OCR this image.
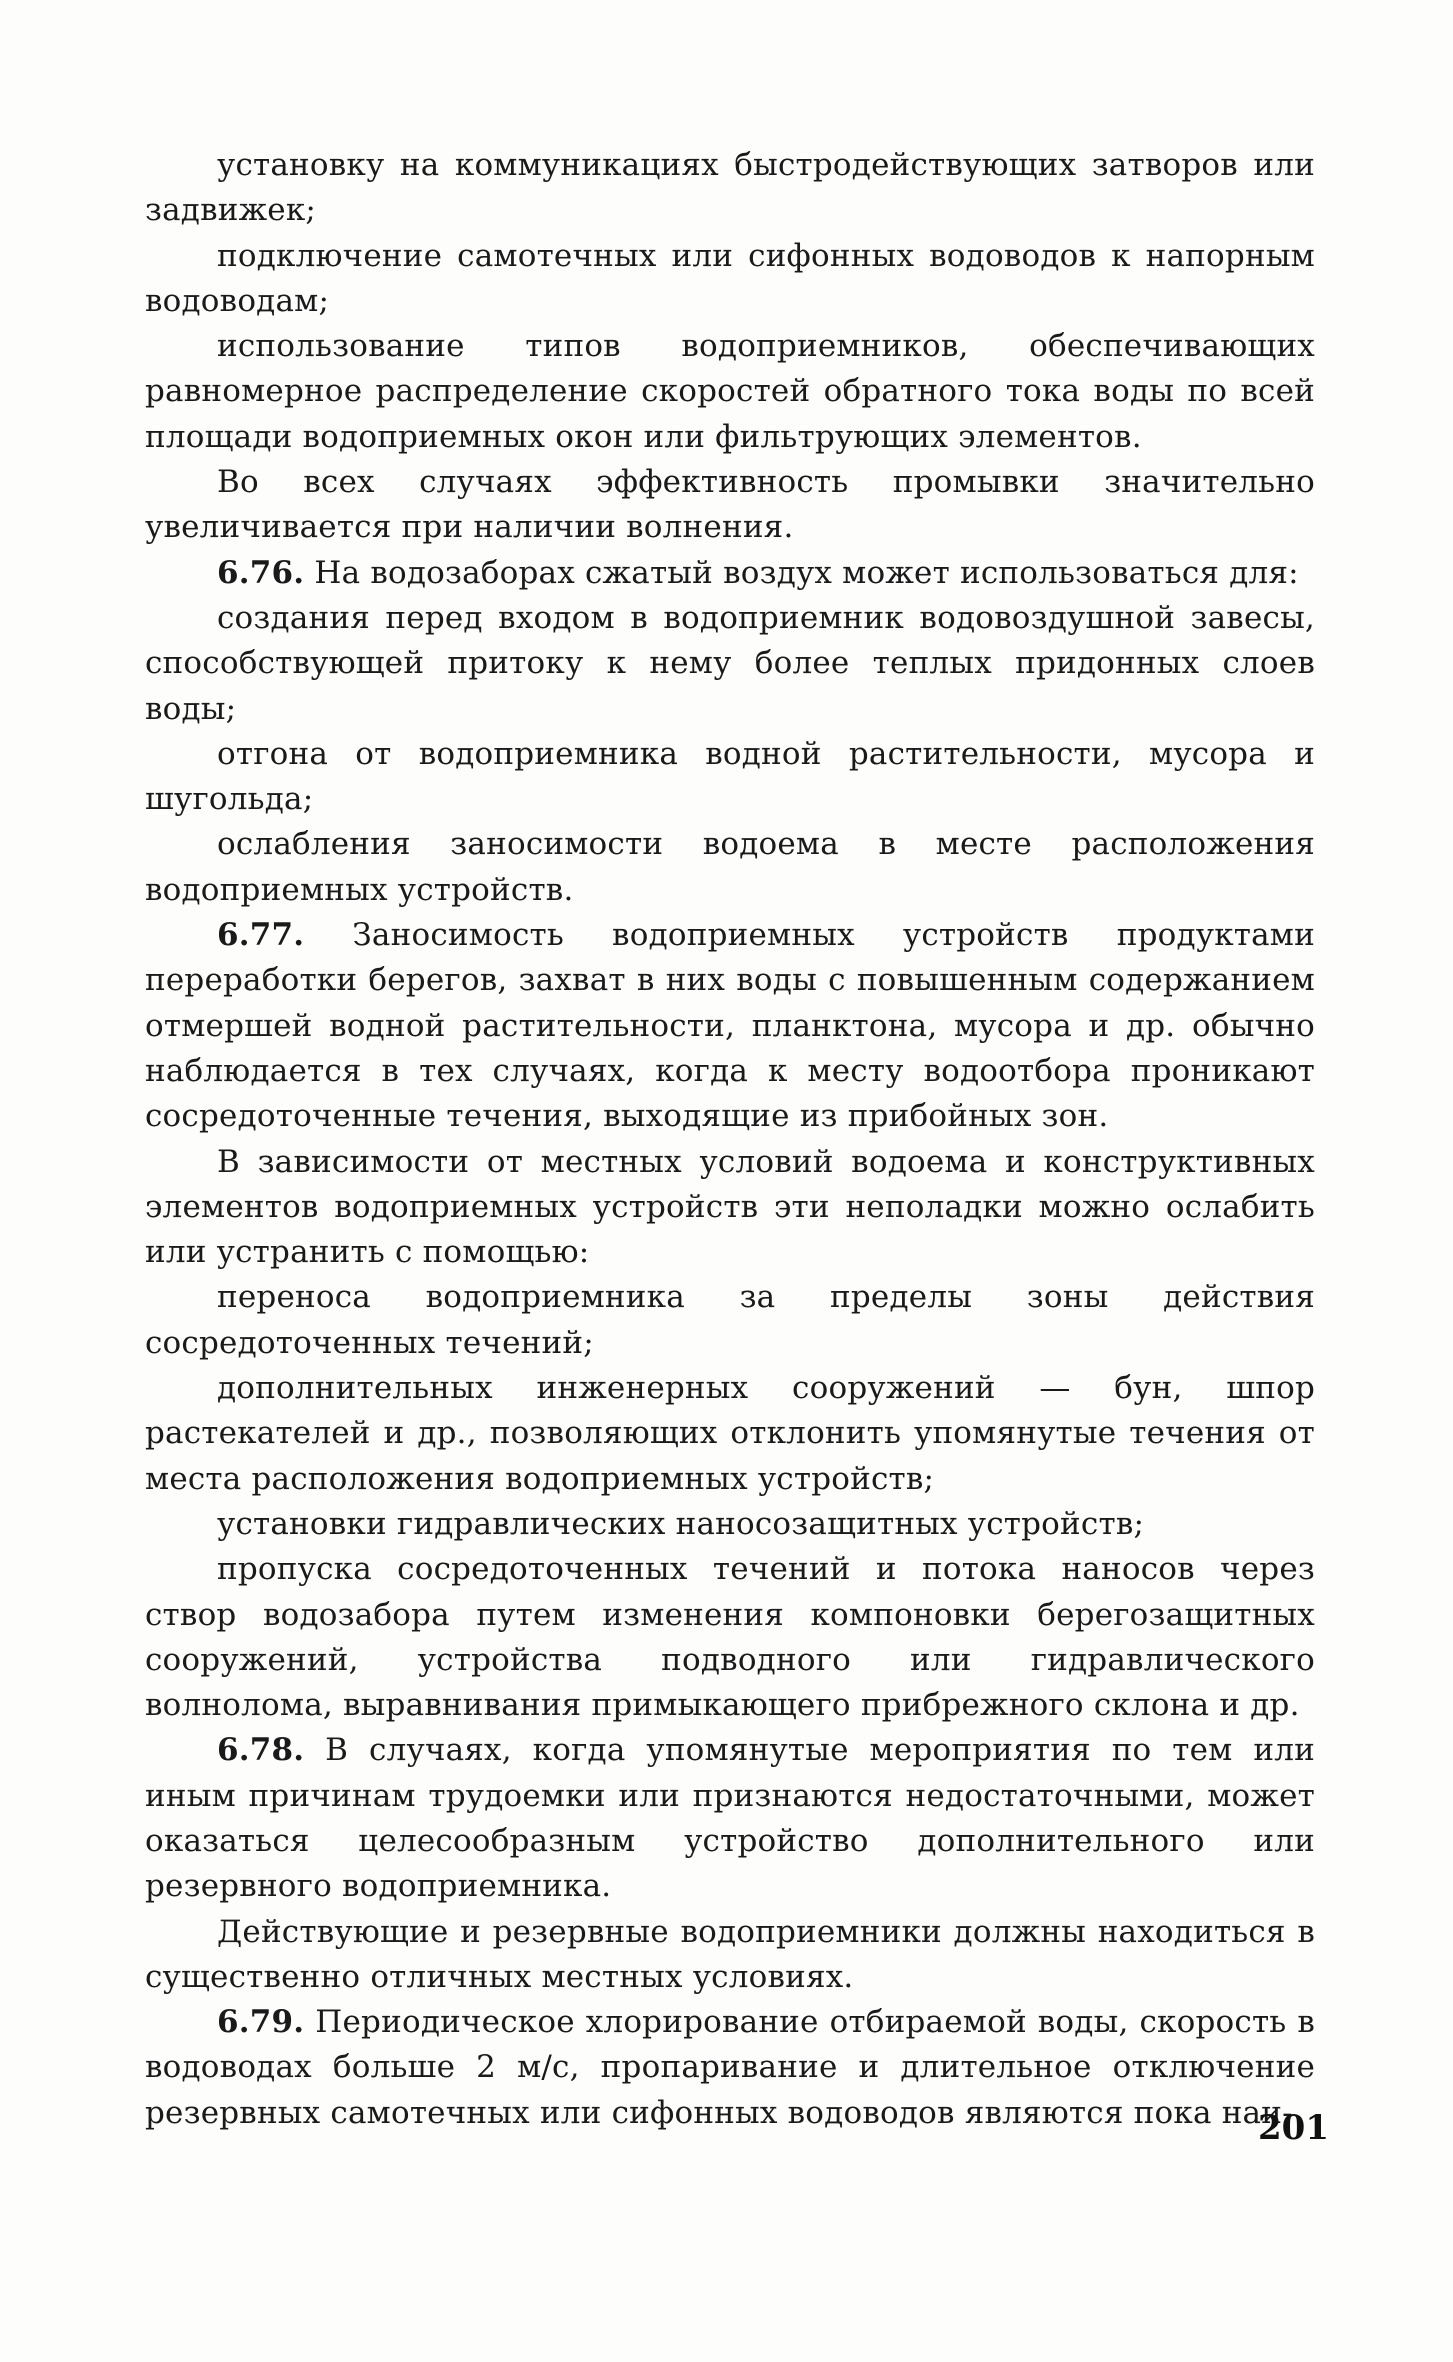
установку на коммуникациях быстродействующих затворов или задвижек;

подключение самотечных или сифонных водоводов к напорным водоводам;

использование типов водоприемников, обеспечивающих равномерное распределение скоростей обратного тока воды по всей площади водоприемных окон или фильтрующих элементов.

Во всех случаях эффективность промывки значительно увеличивается при наличии волнения.

6.76. На водозаборах сжатый воздух может использоваться для:

создания перед входом в водоприемник водовоздушной завесы, способствующей притоку к нему более теплых придонных слоев воды;

отгона от водоприемника водной растительности, мусора и шугольда;

ослабления заносимости водоема в месте расположения водоприемных устройств.

6.77. Заносимость водоприемных устройств продуктами переработки берегов, захват в них воды с повышенным содержанием отмершей водной растительности, планктона, мусора и др. обычно наблюдается в тех случаях, когда к месту водоотбора проникают сосредоточенные течения, выходящие из прибойных зон.

В зависимости от местных условий водоема и конструктивных элементов водоприемных устройств эти неполадки можно ослабить или устранить с помощью:

переноса водоприемника за пределы зоны действия сосредоточенных течений;

дополнительных инженерных сооружений — бун, шпор растекателей и др., позволяющих отклонить упомянутые течения от места расположения водоприемных устройств;

установки гидравлических наносозащитных устройств;

пропуска сосредоточенных течений и потока наносов через створ водозабора путем изменения компоновки берегозащитных сооружений, устройства подводного или гидравлического волнолома, выравнивания примыкающего прибрежного склона и др.

6.78. В случаях, когда упомянутые мероприятия по тем или иным причинам трудоемки или признаются недостаточными, может оказаться целесообразным устройство дополнительного или резервного водоприемника.

Действующие и резервные водоприемники должны находиться в существенно отличных местных условиях.

6.79. Периодическое хлорирование отбираемой воды, скорость в водоводах больше 2 м/с, пропаривание и длительное отключение резервных самотечных или сифонных водоводов являются пока наи-

201
